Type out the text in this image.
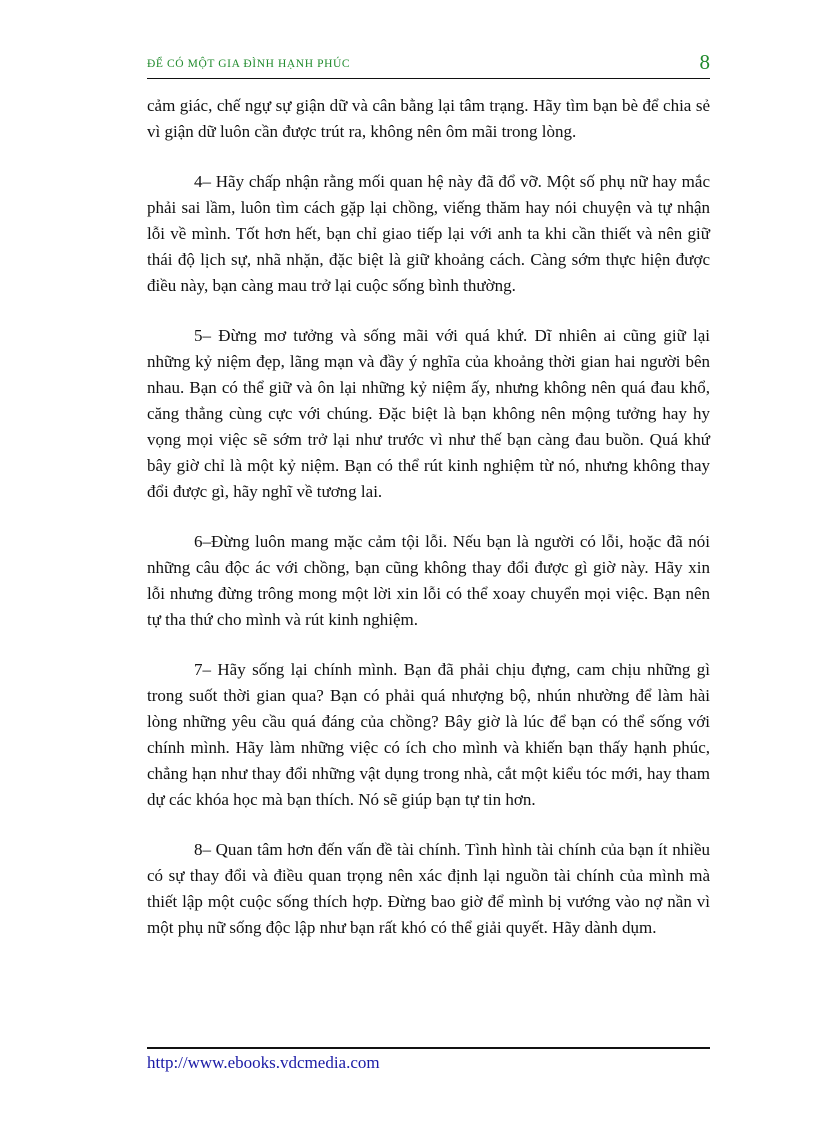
ĐỂ CÓ MỘT GIA ĐÌNH HẠNH PHÚC	8

cảm giác, chế ngự sự giận dữ và cân bằng lại tâm trạng. Hãy tìm bạn bè để chia sẻ vì giận dữ luôn cần được trút ra, không nên ôm mãi trong lòng.

4– Hãy chấp nhận rằng mối quan hệ này đã đổ vỡ. Một số phụ nữ hay mắc phải sai lầm, luôn tìm cách gặp lại chồng, viếng thăm hay nói chuyện và tự nhận lỗi về mình. Tốt hơn hết, bạn chỉ giao tiếp lại với anh ta khi cần thiết và nên giữ thái độ lịch sự, nhã nhặn, đặc biệt là giữ khoảng cách. Càng sớm thực hiện được điều này, bạn càng mau trở lại cuộc sống bình thường.

5– Đừng mơ tưởng và sống mãi với quá khứ. Dĩ nhiên ai cũng giữ lại những kỷ niệm đẹp, lãng mạn và đầy ý nghĩa của khoảng thời gian hai người bên nhau. Bạn có thể giữ và ôn lại những kỷ niệm ấy, nhưng không nên quá đau khổ, căng thẳng cùng cực với chúng. Đặc biệt là bạn không nên mộng tưởng hay hy vọng mọi việc sẽ sớm trở lại như trước vì như thế bạn càng đau buồn. Quá khứ bây giờ chỉ là một kỷ niệm. Bạn có thể rút kinh nghiệm từ nó, nhưng không thay đổi được gì, hãy nghĩ về tương lai.

6–Đừng luôn mang mặc cảm tội lỗi. Nếu bạn là người có lỗi, hoặc đã nói những câu độc ác với chồng, bạn cũng không thay đổi được gì giờ này. Hãy xin lỗi nhưng đừng trông mong một lời xin lỗi có thể xoay chuyển mọi việc. Bạn nên tự tha thứ cho mình và rút kinh nghiệm.

7– Hãy sống lại chính mình. Bạn đã phải chịu đựng, cam chịu những gì trong suốt thời gian qua? Bạn có phải quá nhượng bộ, nhún nhường để làm hài lòng những yêu cầu quá đáng của chồng? Bây giờ là lúc để bạn có thể sống với chính mình. Hãy làm những việc có ích cho mình và khiến bạn thấy hạnh phúc, chẳng hạn như thay đổi những vật dụng trong nhà, cắt một kiểu tóc mới, hay tham dự các khóa học mà bạn thích. Nó sẽ giúp bạn tự tin hơn.

8– Quan tâm hơn đến vấn đề tài chính. Tình hình tài chính của bạn ít nhiều có sự thay đổi và điều quan trọng nên xác định lại nguồn tài chính của mình mà thiết lập một cuộc sống thích hợp. Đừng bao giờ để mình bị vướng vào nợ nần vì một phụ nữ sống độc lập như bạn rất khó có thể giải quyết. Hãy dành dụm.

http://www.ebooks.vdcmedia.com
